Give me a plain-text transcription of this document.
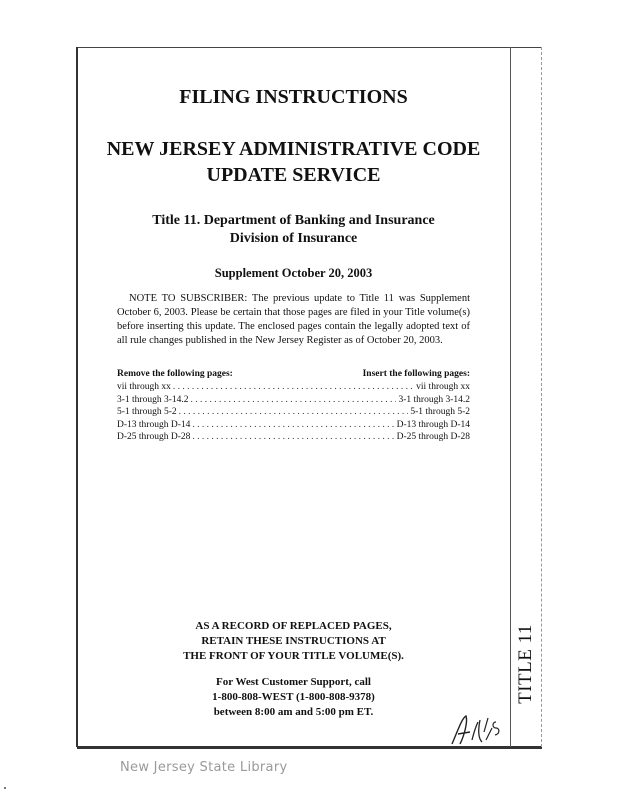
TITLE 11
FILING INSTRUCTIONS
NEW JERSEY ADMINISTRATIVE CODE
UPDATE SERVICE
Title 11. Department of Banking and Insurance
Division of Insurance
Supplement October 20, 2003

NOTE TO SUBSCRIBER: The previous update to Title 11 was Supplement October 6, 2003. Please be certain that those pages are filed in your Title volume(s) before inserting this update. The enclosed pages contain the legally adopted text of all rule changes published in the New Jersey Register as of October 20, 2003.

Remove the following pages:	Insert the following pages:
vii through xx . . .	vii through xx
3-1 through 3-14.2 . . .	3-1 through 3-14.2
5-1 through 5-2 . . .	5-1 through 5-2
D-13 through D-14 . . .	D-13 through D-14
D-25 through D-28 . . .	D-25 through D-28
AS A RECORD OF REPLACED PAGES,
RETAIN THESE INSTRUCTIONS AT
THE FRONT OF YOUR TITLE VOLUME(S).
For West Customer Support, call
1-800-808-WEST (1-800-808-9378)
between 8:00 am and 5:00 pm ET.
New Jersey State Library
